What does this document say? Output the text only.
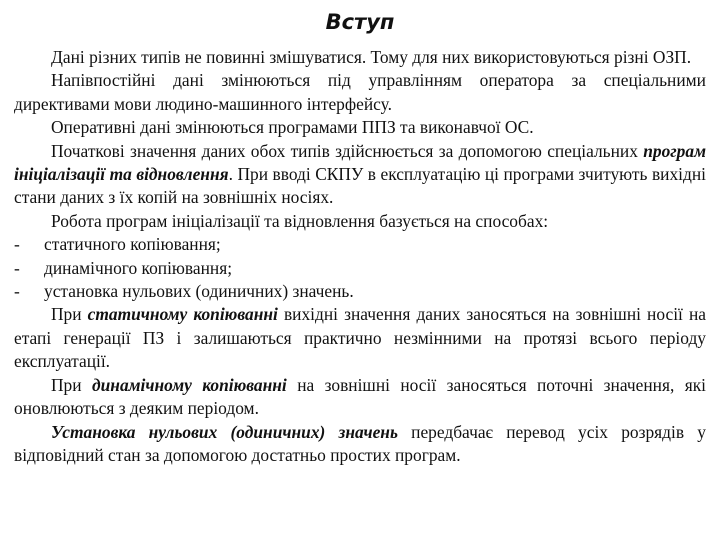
Вступ

Дані різних типів не повинні змішуватися. Тому для них використовуються різні ОЗП.

Напівпостійні дані змінюються під управлінням оператора за спеціальними директивами мови людино-машинного інтерфейсу.

Оперативні дані змінюються програмами ППЗ та виконавчої ОС.

Початкові значення даних обох типів здійснюється за допомогою спеціальних програм ініціалізації та відновлення. При вводі СКПУ в експлуатацію ці програми зчитують вихідні стани даних з їх копій на зовнішніх носіях.

Робота програм ініціалізації та відновлення базується на способах:

- статичного копіювання;
- динамічного копіювання;
- установка нульових (одиничних) значень.

При статичному копіюванні вихідні значення даних заносяться на зовнішні носії на етапі генерації ПЗ і залишаються практично незмінними на протязі всього періоду експлуатації.

При динамічному копіюванні на зовнішні носії заносяться поточні значення, які оновлюються з деяким періодом.

Установка нульових (одиничних) значень передбачає перевод усіх розрядів у відповідний стан за допомогою достатньо простих програм.
